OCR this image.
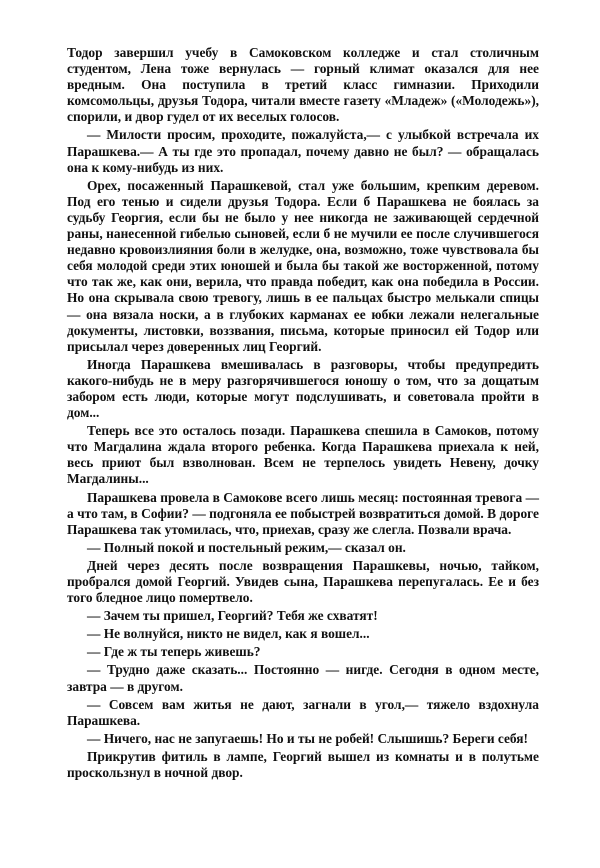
Тодор завершил учебу в Самоковском колледже и стал столичным студентом, Лена тоже вернулась — горный климат оказался для нее вредным. Она поступила в третий класс гимназии. Приходили комсомольцы, друзья Тодора, читали вместе газету «Младеж» («Молодежь»), спорили, и двор гудел от их веселых голосов.

— Милости просим, проходите, пожалуйста,— с улыбкой встречала их Парашкева.— А ты где это пропадал, почему давно не был? — обращалась она к кому-нибудь из них.

Орех, посаженный Парашкевой, стал уже большим, крепким деревом. Под его тенью и сидели друзья Тодора. Если б Парашкева не боялась за судьбу Георгия, если бы не было у нее никогда не заживающей сердечной раны, нанесенной гибелью сыновей, если б не мучили ее после случившегося недавно кровоизлияния боли в желудке, она, возможно, тоже чувствовала бы себя молодой среди этих юношей и была бы такой же восторженной, потому что так же, как они, верила, что правда победит, как она победила в России. Но она скрывала свою тревогу, лишь в ее пальцах быстро мелькали спицы — она вязала носки, а в глубоких карманах ее юбки лежали нелегальные документы, листовки, воззвания, письма, которые приносил ей Тодор или присылал через доверенных лиц Георгий.

Иногда Парашкева вмешивалась в разговоры, чтобы предупредить какого-нибудь не в меру разгорячившегося юношу о том, что за дощатым забором есть люди, которые могут подслушивать, и советовала пройти в дом...

Теперь все это осталось позади. Парашкева спешила в Самоков, потому что Магдалина ждала второго ребенка. Когда Парашкева приехала к ней, весь приют был взволнован. Всем не терпелось увидеть Невену, дочку Магдалины...

Парашкева провела в Самокове всего лишь месяц: постоянная тревога — а что там, в Софии? — подгоняла ее побыстрей возвратиться домой. В дороге Парашкева так утомилась, что, приехав, сразу же слегла. Позвали врача.

— Полный покой и постельный режим,— сказал он.

Дней через десять после возвращения Парашкевы, ночью, тайком, пробрался домой Георгий. Увидев сына, Парашкева перепугалась. Ее и без того бледное лицо помертвело.

— Зачем ты пришел, Георгий? Тебя же схватят!

— Не волнуйся, никто не видел, как я вошел...

— Где ж ты теперь живешь?

— Трудно даже сказать... Постоянно — нигде. Сегодня в одном месте, завтра — в другом.

— Совсем вам житья не дают, загнали в угол,— тяжело вздохнула Парашкева.

— Ничего, нас не запугаешь! Но и ты не робей! Слышишь? Береги себя!

Прикрутив фитиль в лампе, Георгий вышел из комнаты и в полутьме проскользнул в ночной двор.
